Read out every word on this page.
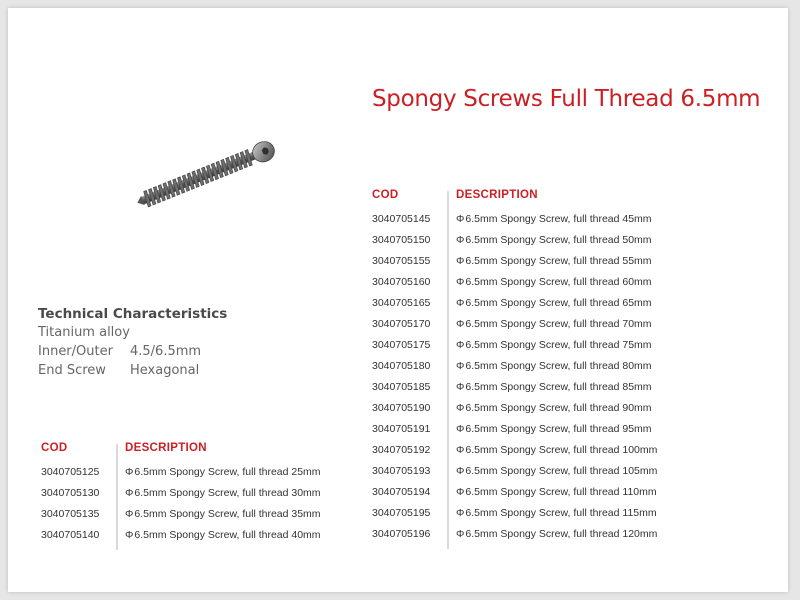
Spongy Screws Full Thread 6.5mm
Technical Characteristics
Titanium alloy
Inner/Outer 4.5/6.5mm
End Screw Hexagonal
COD	DESCRIPTION
3040705125 Φ6.5mm Spongy Screw, full thread 25mm
3040705130 Φ6.5mm Spongy Screw, full thread 30mm
3040705135 Φ6.5mm Spongy Screw, full thread 35mm
3040705140 Φ6.5mm Spongy Screw, full thread 40mm
COD	DESCRIPTION
3040705145 Φ6.5mm Spongy Screw, full thread 45mm
3040705150 Φ6.5mm Spongy Screw, full thread 50mm
3040705155 Φ6.5mm Spongy Screw, full thread 55mm
3040705160 Φ6.5mm Spongy Screw, full thread 60mm
3040705165 Φ6.5mm Spongy Screw, full thread 65mm
3040705170 Φ6.5mm Spongy Screw, full thread 70mm
3040705175 Φ6.5mm Spongy Screw, full thread 75mm
3040705180 Φ6.5mm Spongy Screw, full thread 80mm
3040705185 Φ6.5mm Spongy Screw, full thread 85mm
3040705190 Φ6.5mm Spongy Screw, full thread 90mm
3040705191 Φ6.5mm Spongy Screw, full thread 95mm
3040705192 Φ6.5mm Spongy Screw, full thread 100mm
3040705193 Φ6.5mm Spongy Screw, full thread 105mm
3040705194 Φ6.5mm Spongy Screw, full thread 110mm
3040705195 Φ6.5mm Spongy Screw, full thread 115mm
3040705196 Φ6.5mm Spongy Screw, full thread 120mm
